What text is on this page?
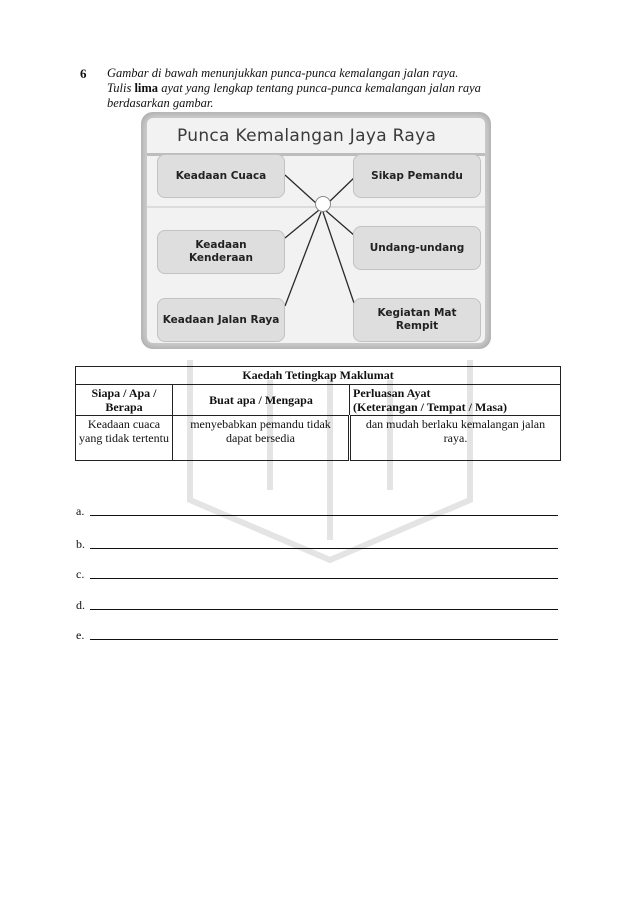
6 Gambar di bawah menunjukkan punca-punca kemalangan jalan raya.
Tulis lima ayat yang lengkap tentang punca-punca kemalangan jalan raya
berdasarkan gambar.
Punca Kemalangan Jaya Raya
Keadaan Cuaca	Sikap Pemandu
Keadaan Kenderaan
Undang-undang
Keadaan Jalan Raya
Kegiatan Mat Rempit
Kaedah Tetingkap Maklumat		
Siapa / Apa / Berapa	Buat apa / Mengapa	Perluasan Ayat
(Keterangan / Tempat / Masa)

Keadaan cuaca yang tidak tertentu	menyebabkan pemandu tidak dapat bersedia	dan mudah berlaku kemalangan jalan raya.
a.
b.
c.
d.
e.
